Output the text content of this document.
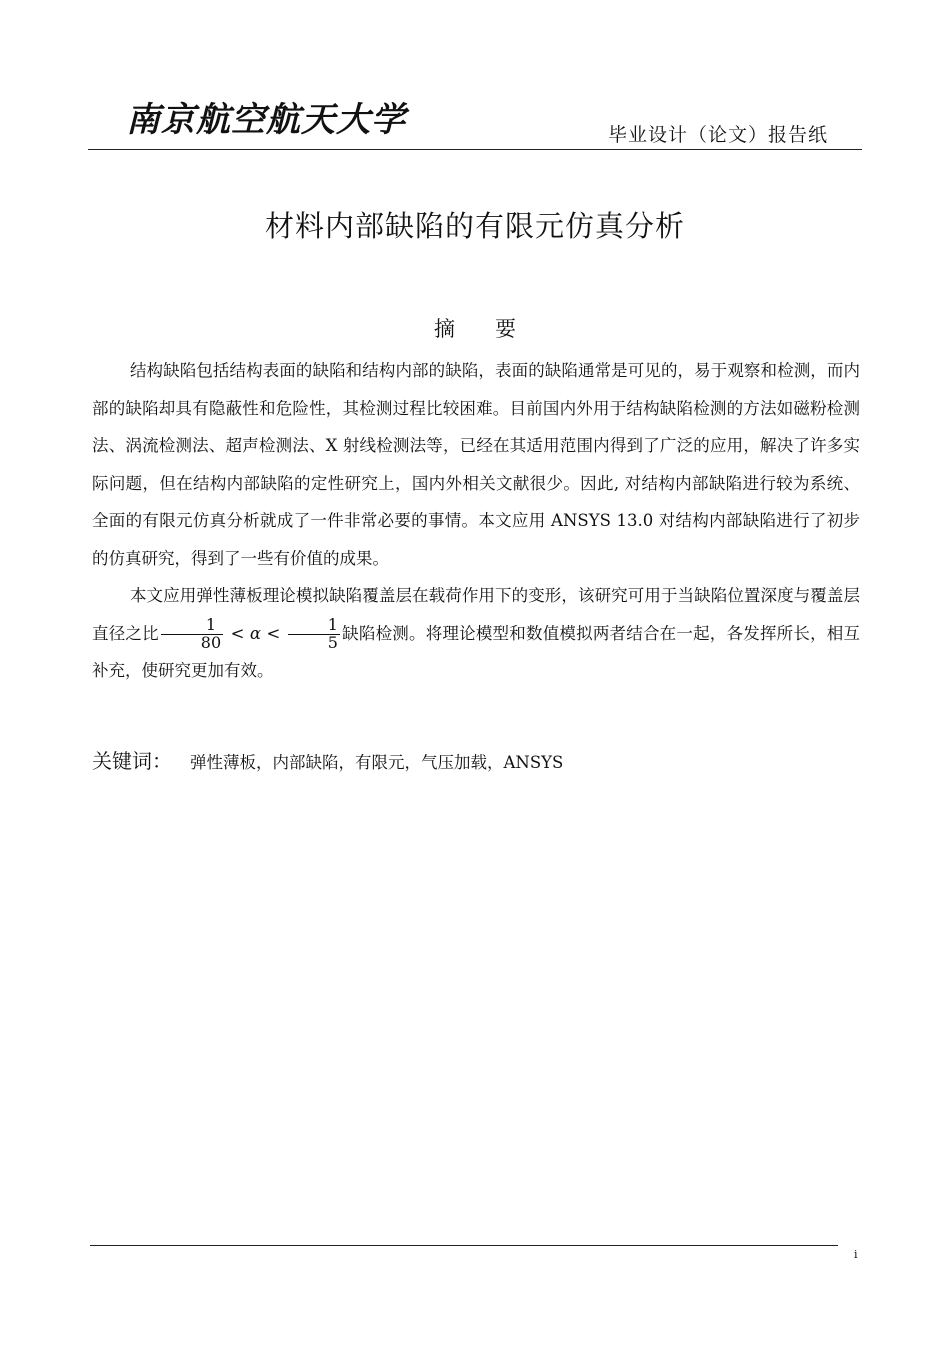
南京航空航天大学	毕业设计（论文）报告纸
材料内部缺陷的有限元仿真分析
摘要

结构缺陷包括结构表面的缺陷和结构内部的缺陷，表面的缺陷通常是可见的，易于观察和检测，而内部的缺陷却具有隐蔽性和危险性，其检测过程比较困难。目前国内外用于结构缺陷检测的方法如磁粉检测法、涡流检测法、超声检测法、X 射线检测法等，已经在其适用范围内得到了广泛的应用，解决了许多实际问题，但在结构内部缺陷的定性研究上，国内外相关文献很少。因此, 对结构内部缺陷进行较为系统、全面的有限元仿真分析就成了一件非常必要的事情。本文应用 ANSYS 13.0 对结构内部缺陷进行了初步的仿真研究，得到了一些有价值的成果。

本文应用弹性薄板理论模拟缺陷覆盖层在载荷作用下的变形，该研究可用于当缺陷位置深度与覆盖层直径之比 $\frac{1}{80} < \alpha < \frac{1}{5}$ 缺陷检测。将理论模型和数值模拟两者结合在一起，各发挥所长，相互补充，使研究更加有效。

关键词： 弹性薄板，内部缺陷，有限元，气压加载，ANSYS
i
